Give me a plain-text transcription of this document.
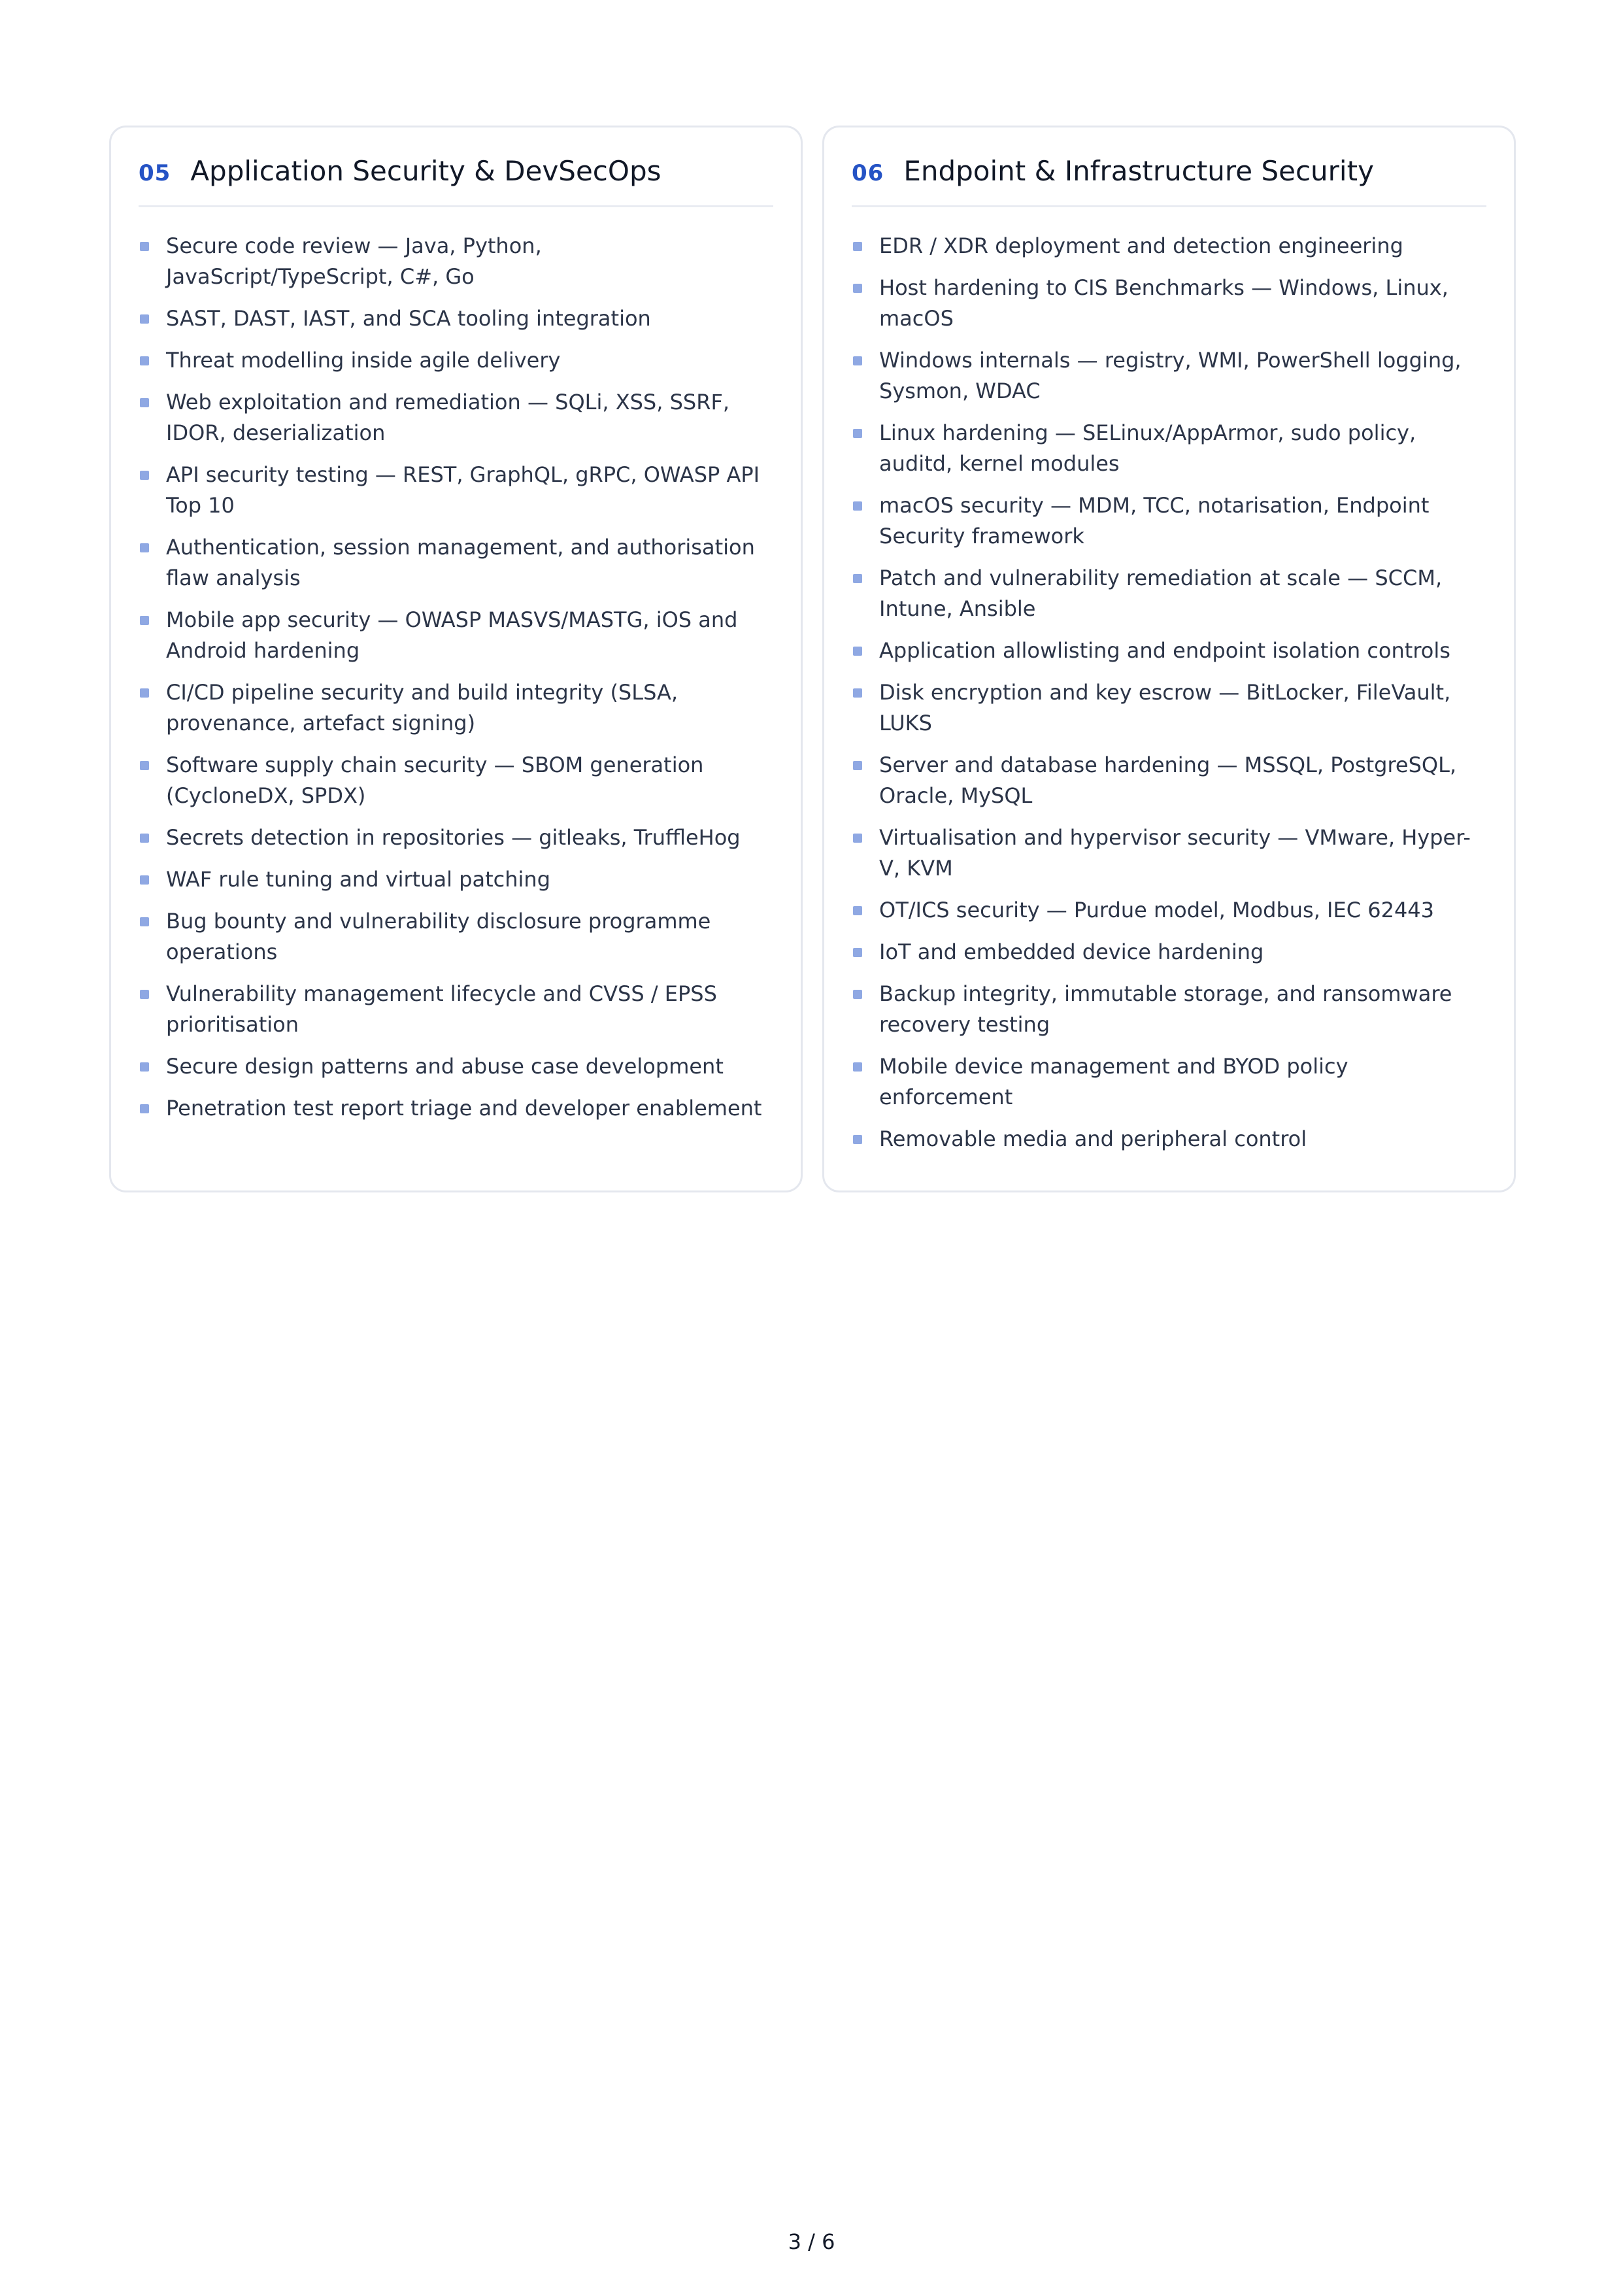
05 Application Security & DevSecOps
Secure code review — Java, Python, JavaScript/TypeScript, C#, Go
SAST, DAST, IAST, and SCA tooling integration
Threat modelling inside agile delivery
Web exploitation and remediation — SQLi, XSS, SSRF, IDOR, deserialization
API security testing — REST, GraphQL, gRPC, OWASP API Top 10
Authentication, session management, and authorisation flaw analysis
Mobile app security — OWASP MASVS/MASTG, iOS and Android hardening
CI/CD pipeline security and build integrity (SLSA, provenance, artefact signing)
Software supply chain security — SBOM generation (CycloneDX, SPDX)
Secrets detection in repositories — gitleaks, TruffleHog
WAF rule tuning and virtual patching
Bug bounty and vulnerability disclosure programme operations
Vulnerability management lifecycle and CVSS / EPSS prioritisation
Secure design patterns and abuse case development
Penetration test report triage and developer enablement
06 Endpoint & Infrastructure Security
EDR / XDR deployment and detection engineering
Host hardening to CIS Benchmarks — Windows, Linux, macOS
Windows internals — registry, WMI, PowerShell logging, Sysmon, WDAC
Linux hardening — SELinux/AppArmor, sudo policy, auditd, kernel modules
macOS security — MDM, TCC, notarisation, Endpoint Security framework
Patch and vulnerability remediation at scale — SCCM, Intune, Ansible
Application allowlisting and endpoint isolation controls
Disk encryption and key escrow — BitLocker, FileVault, LUKS
Server and database hardening — MSSQL, PostgreSQL, Oracle, MySQL
Virtualisation and hypervisor security — VMware, Hyper-V, KVM
OT/ICS security — Purdue model, Modbus, IEC 62443
IoT and embedded device hardening
Backup integrity, immutable storage, and ransomware recovery testing
Mobile device management and BYOD policy enforcement
Removable media and peripheral control
3 / 6
